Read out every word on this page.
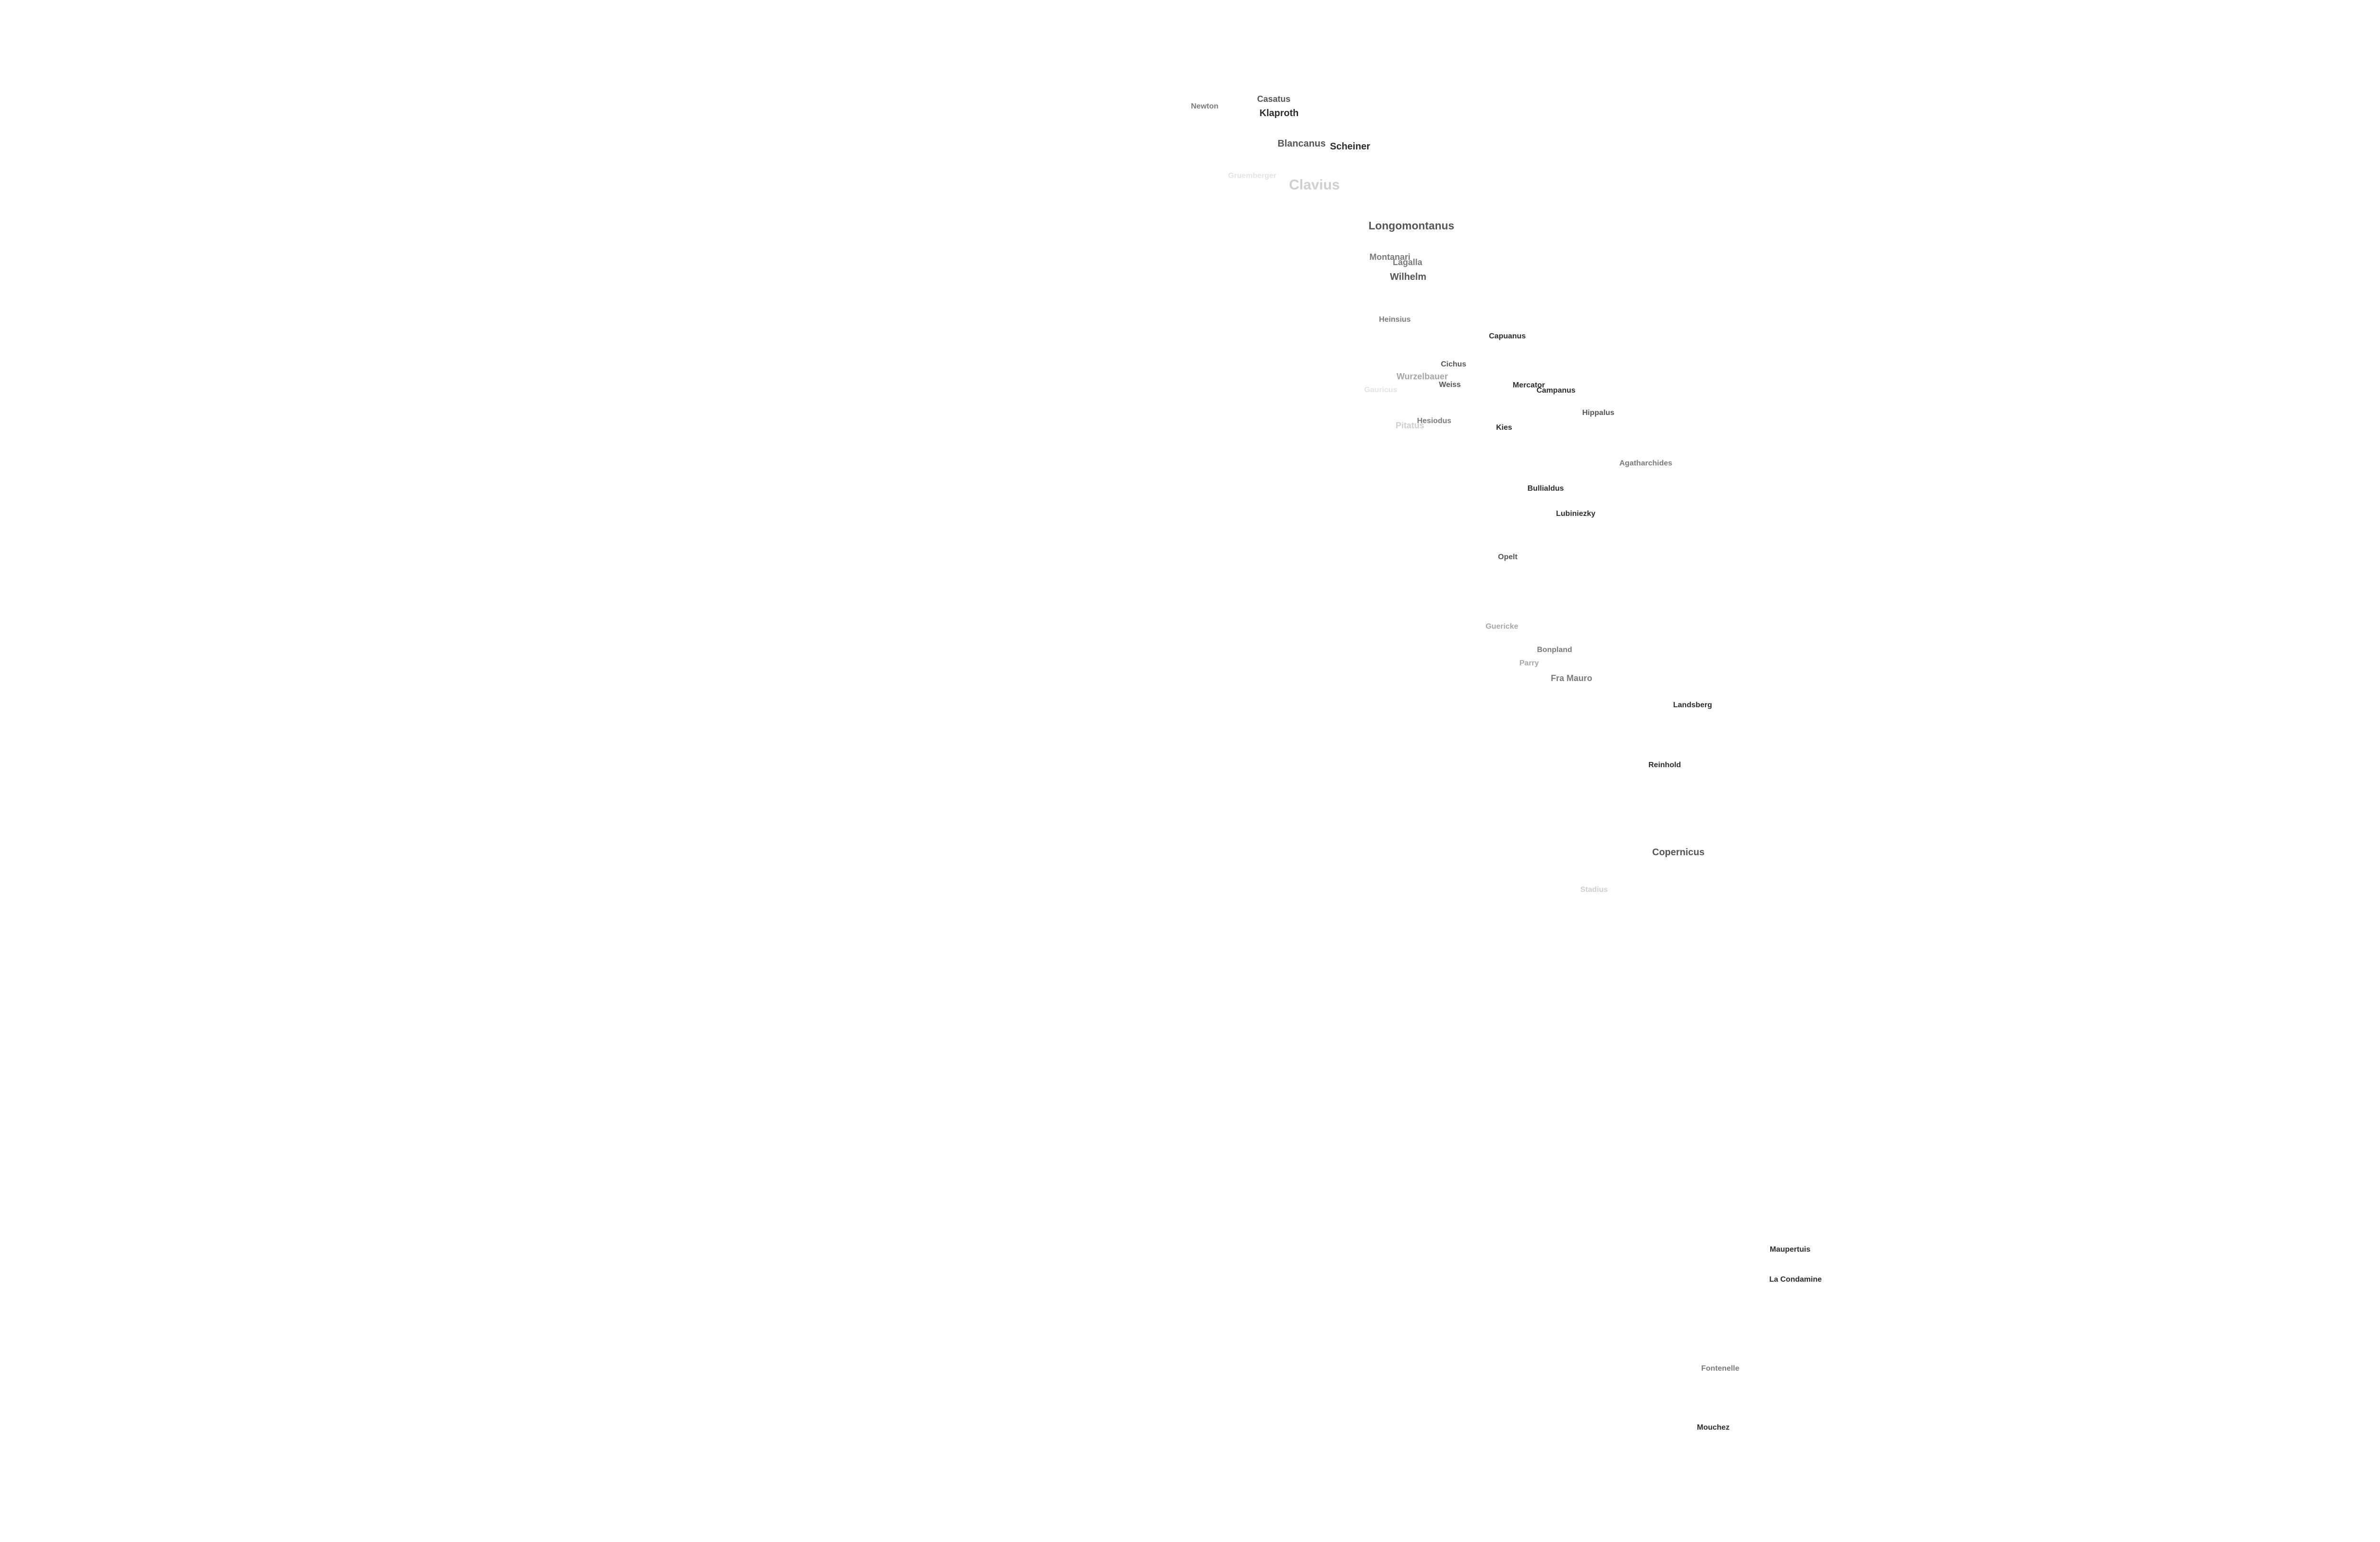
Newton
Casatus
Klaproth
Blancanus Scheiner
Gruemberger
Clavius
Longomontanus
Montanari
Lagalla
Wilhelm
Heinsius
Capuanus
Cichus
Wurzelbauer
Weiss	Mercator
Campanus
Gauricus
Hippalus
Hesiodus
Pitatus	Kies
Agatharchides
Bullialdus
Lubiniezky
Opelt
Guericke
Bonpland
Parry
Fra Mauro
Landsberg
Reinhold
Copernicus
Stadius
Maupertuis
La Condamine
Fontenelle
Mouchez
